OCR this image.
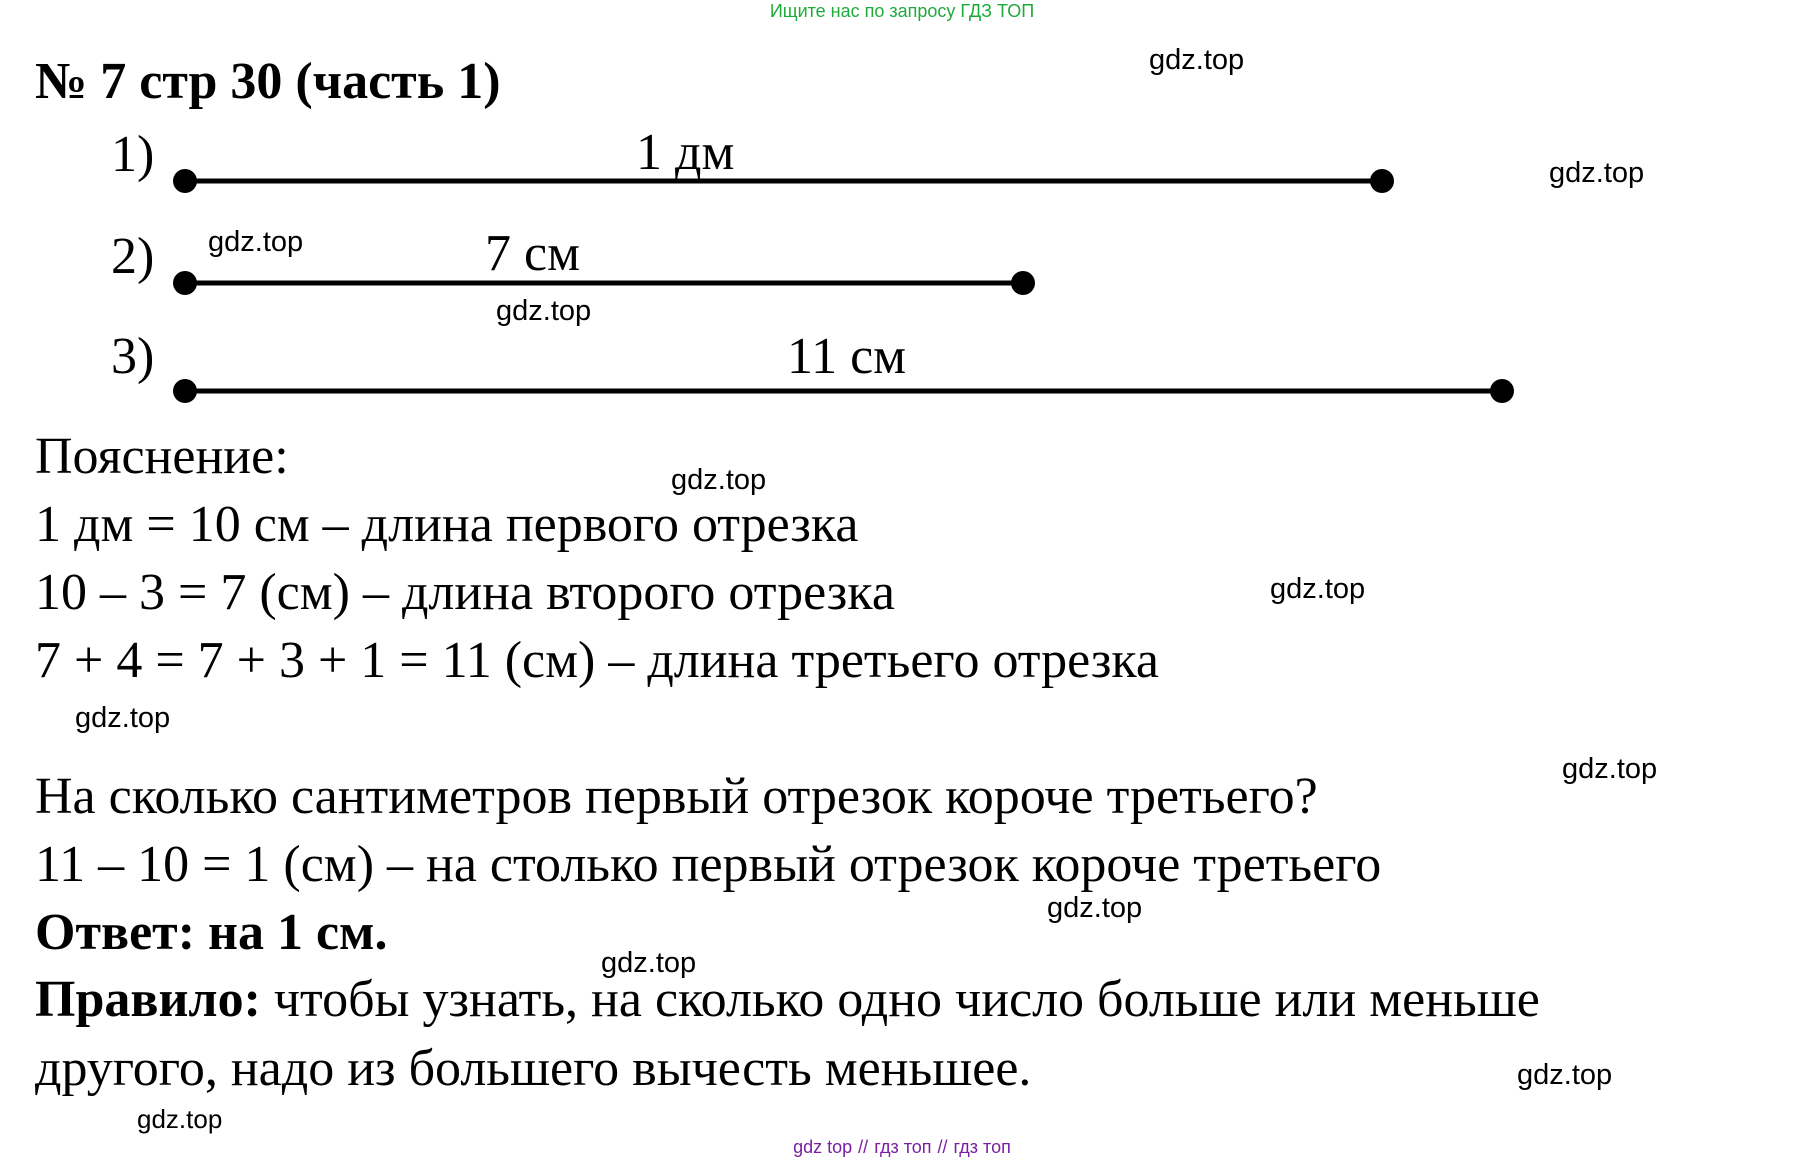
Ищите нас по запросу ГДЗ ТОП
№ 7 стр 30 (часть 1)
1)
2)
3)
1 дм
7 см
11 см
Пояснение:
1 дм = 10 см – длина первого отрезка
10 – 3 = 7 (см) – длина второго отрезка
7 + 4 = 7 + 3 + 1 = 11 (см) – длина третьего отрезка
На сколько сантиметров первый отрезок короче третьего?
11 – 10 = 1 (см) – на столько первый отрезок короче третьего
Ответ: на 1 см.
Правило: чтобы узнать, на сколько одно число больше или меньше
другого, надо из большего вычесть меньшее.
gdz.top
gdz.top
gdz.top
gdz.top
gdz.top
gdz.top
gdz.top
gdz.top
gdz.top
gdz.top
gdz.top
gdz.top
gdz top // гдз топ // гдз топ
